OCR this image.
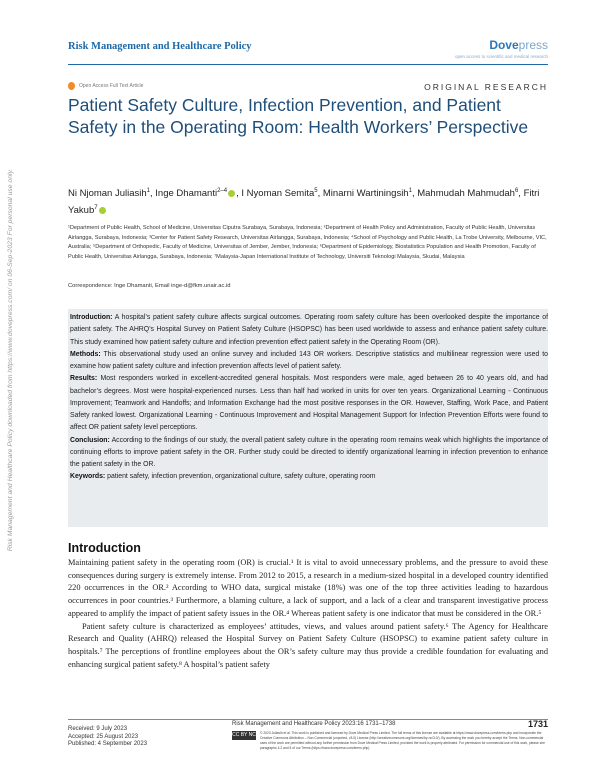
Risk Management and Healthcare Policy	Dovepress
open access to scientific and medical research
Open Access Full Text Article	ORIGINAL RESEARCH
Patient Safety Culture, Infection Prevention, and Patient Safety in the Operating Room: Health Workers’ Perspective
Ni Njoman Juliasih$^1$, Inge Dhamanti$^{2-4}$ , I Nyoman Semita$^5$, Minarni Wartiningsih$^1$, Mahmudah Mahmudah$^6$, Fitri Yakub$^7$
¹Department of Public Health, School of Medicine, Universitas Ciputra Surabaya, Surabaya, Indonesia; ²Department of Health Policy and Administration, Faculty of Public Health, Universitas Airlangga, Surabaya, Indonesia; ³Center for Patient Safety Research, Universitas Airlangga, Surabaya, Indonesia; ⁴School of Psychology and Public Health, La Trobe University, Melbourne, VIC, Australia; ⁵Department of Orthopedic, Faculty of Medicine, Universitas of Jember, Jember, Indonesia; ⁶Department of Epidemiology, Biostatistics Population and Health Promotion, Faculty of Public Health, Universitas Airlangga, Surabaya, Indonesia; ⁷Malaysia-Japan International Institute of Technology, Universiti Teknologi Malaysia, Skudai, Malaysia
Correspondence: Inge Dhamanti, Email inge-d@fkm.unair.ac.id
Risk Management and Healthcare Policy downloaded from https://www.dovepress.com/ on 06-Sep-2023 For personal use only.	Introduction: A hospital’s patient safety culture affects surgical outcomes. Operating room safety culture has been overlooked despite the importance of patient safety. The AHRQ’s Hospital Survey on Patient Safety Culture (HSOPSC) has been used worldwide to assess and enhance patient safety culture. This study examined how patient safety culture and infection prevention effect patient safety in the Operating Room (OR).

Methods: This observational study used an online survey and included 143 OR workers. Descriptive statistics and multilinear regression were used to examine how patient safety culture and infection prevention affects level of patient safety.

Results: Most responders worked in excellent-accredited general hospitals. Most responders were male, aged between 26 to 40 years old, and had bachelor’s degrees. Most were hospital-experienced nurses. Less than half had worked in units for over ten years. Organizational Learning - Continuous Improvement; Teamwork and Handoffs; and Information Exchange had the most positive responses in the OR. However, Staffing, Work Pace, and Patient Safety ranked lowest. Organizational Learning - Continuous Improvement and Hospital Management Support for Infection Prevention Efforts were found to affect OR patient safety level perceptions.

Conclusion: According to the findings of our study, the overall patient safety culture in the operating room remains weak which highlights the importance of continuing efforts to improve patient safety in the OR. Further study could be directed to identify organizational learning in infection prevention to enhance the patient safety in the OR.

Keywords: patient safety, infection prevention, organizational culture, safety culture, operating room

Introduction

Maintaining patient safety in the operating room (OR) is crucial.¹ It is vital to avoid unnecessary problems, and the pressure to avoid these consequences during surgery is extremely intense. From 2012 to 2015, a research in a medium-sized hospital in a developed country identified 220 occurrences in the OR.² According to WHO data, surgical mistake (18%) was one of the top three activities leading to hazardous occurrences in poor countries.³ Furthermore, a blaming culture, a lack of support, and a lack of a clear and transparent investigative process appeared to amplify the impact of patient safety issues in the OR.⁴ Whereas patient safety is one indicator that must be considered in the OR.⁵

Patient safety culture is characterized as employees’ attitudes, views, and values around patient safety.⁶ The Agency for Healthcare Research and Quality (AHRQ) released the Hospital Survey on Patient Safety Culture (HSOPSC) to examine patient safety culture in hospitals.⁷ The perceptions of frontline employees about the OR’s safety culture may thus provide a credible foundation for evaluating and enhancing surgical patient safety.⁸ A hospital’s patient safety

Received: 9 July 2023
Accepted: 25 August 2023
Published: 4 September 2023
Risk Management and Healthcare Policy 2023:16 1731–1738	1731
CC BY NC © 2023 Juliasih et al. This work is published and licensed by Dove Medical Press Limited. The full terms of this license are available at https://www.dovepress.com/terms.php and incorporate the Creative Commons Attribution – Non Commercial (unported, v3.0) License (http://creativecommons.org/licenses/by-nc/3.0/). By accessing the work you hereby accept the Terms. Non-commercial uses of the work are permitted without any further permission from Dove Medical Press Limited, provided the work is properly attributed. For permission for commercial use of this work, please see paragraphs 4.2 and 5 of our Terms (https://www.dovepress.com/terms.php).
